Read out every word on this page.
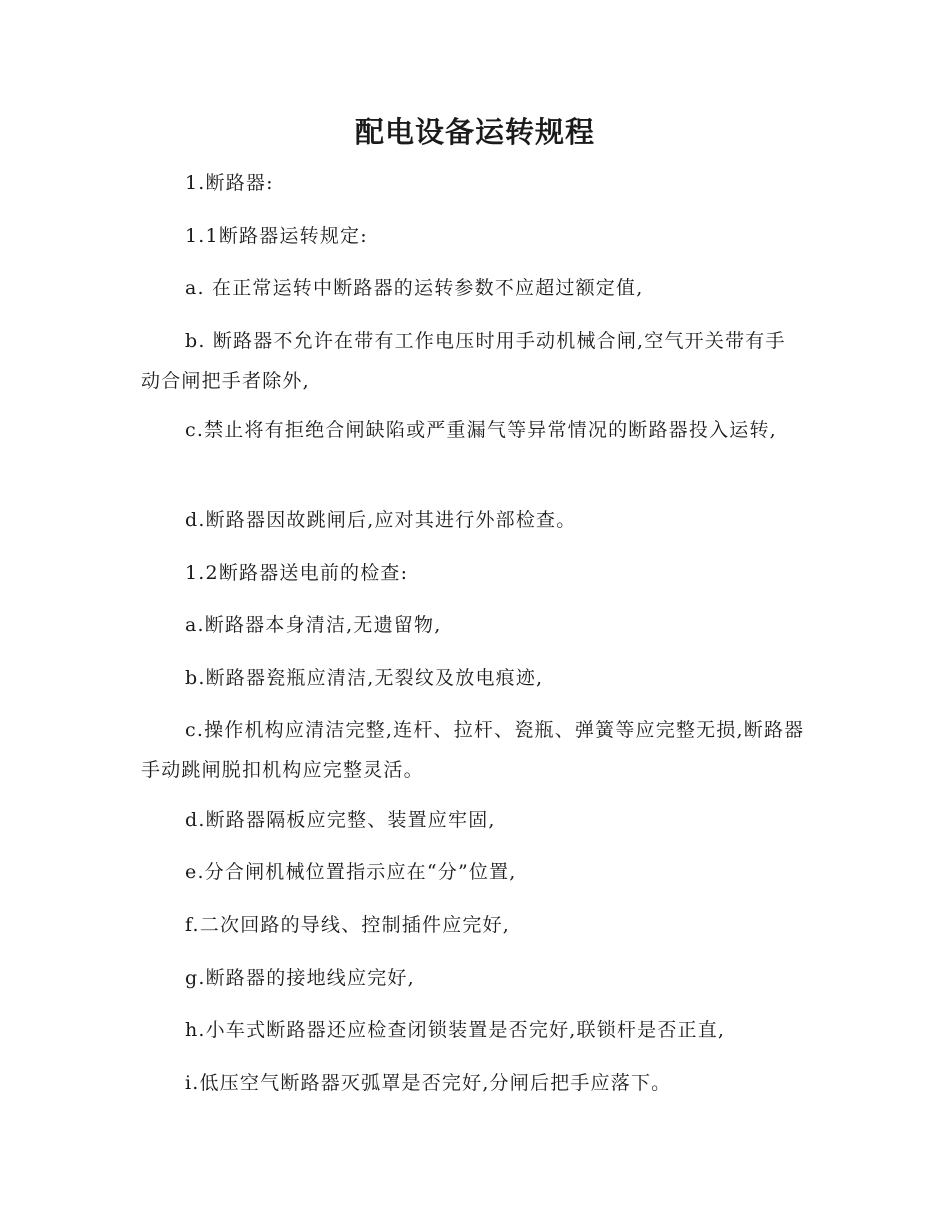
配电设备运转规程

1.断路器:

1.1断路器运转规定:

a. 在正常运转中断路器的运转参数不应超过额定值,

b. 断路器不允许在带有工作电压时用手动机械合闸,空气开关带有手动合闸把手者除外,

c.禁止将有拒绝合闸缺陷或严重漏气等异常情况的断路器投入运转,

d.断路器因故跳闸后,应对其进行外部检查。

1.2断路器送电前的检查:

a.断路器本身清洁,无遗留物,

b.断路器瓷瓶应清洁,无裂纹及放电痕迹,

c.操作机构应清洁完整,连杆、拉杆、瓷瓶、弹簧等应完整无损,断路器手动跳闸脱扣机构应完整灵活。

d.断路器隔板应完整、装置应牢固,

e.分合闸机械位置指示应在“分”位置,

f.二次回路的导线、控制插件应完好,

g.断路器的接地线应完好,

h.小车式断路器还应检查闭锁装置是否完好,联锁杆是否正直,

i.低压空气断路器灭弧罩是否完好,分闸后把手应落下。
